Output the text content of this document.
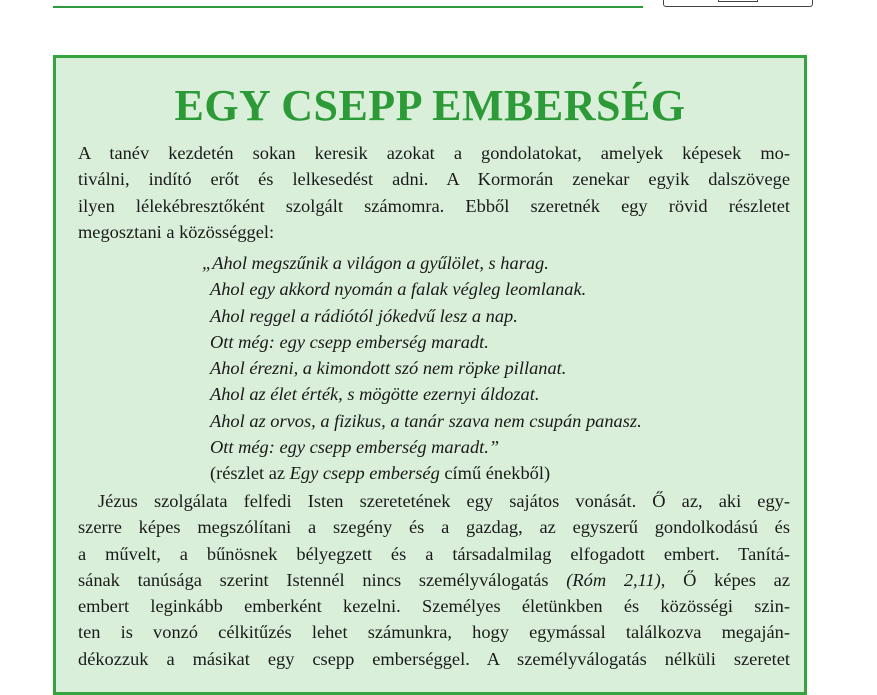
EGY CSEPP EMBERSÉG

A tanév kezdetén sokan keresik azokat a gondolatokat, amelyek képesek mo-
tiválni, indító erőt és lelkesedést adni. A Kormorán zenekar egyik dalszövege
ilyen lélekébresztőként szolgált számomra. Ebből szeretnék egy rövid részletet
megosztani a közösséggel:

„Ahol megszűnik a világon a gyűlölet, s harag.
Ahol egy akkord nyomán a falak végleg leomlanak.
Ahol reggel a rádiótól jókedvű lesz a nap.
Ott még: egy csepp emberség maradt.
Ahol érezni, a kimondott szó nem röpke pillanat.
Ahol az élet érték, s mögötte ezernyi áldozat.
Ahol az orvos, a fizikus, a tanár szava nem csupán panasz.
Ott még: egy csepp emberség maradt.”
(részlet az Egy csepp emberség című énekből)

Jézus szolgálata felfedi Isten szeretetének egy sajátos vonását. Ő az, aki egy-
szerre képes megszólítani a szegény és a gazdag, az egyszerű gondolkodású és
a művelt, a bűnösnek bélyegzett és a társadalmilag elfogadott embert. Tanítá-
sának tanúsága szerint Istennél nincs személyválogatás (Róm 2,11), Ő képes az
embert leginkább emberként kezelni. Személyes életünkben és közösségi szin-
ten is vonzó célkitűzés lehet számunkra, hogy egymással találkozva megaján-
dékozzuk a másikat egy csepp emberséggel. A személyválogatás nélküli szeretet
